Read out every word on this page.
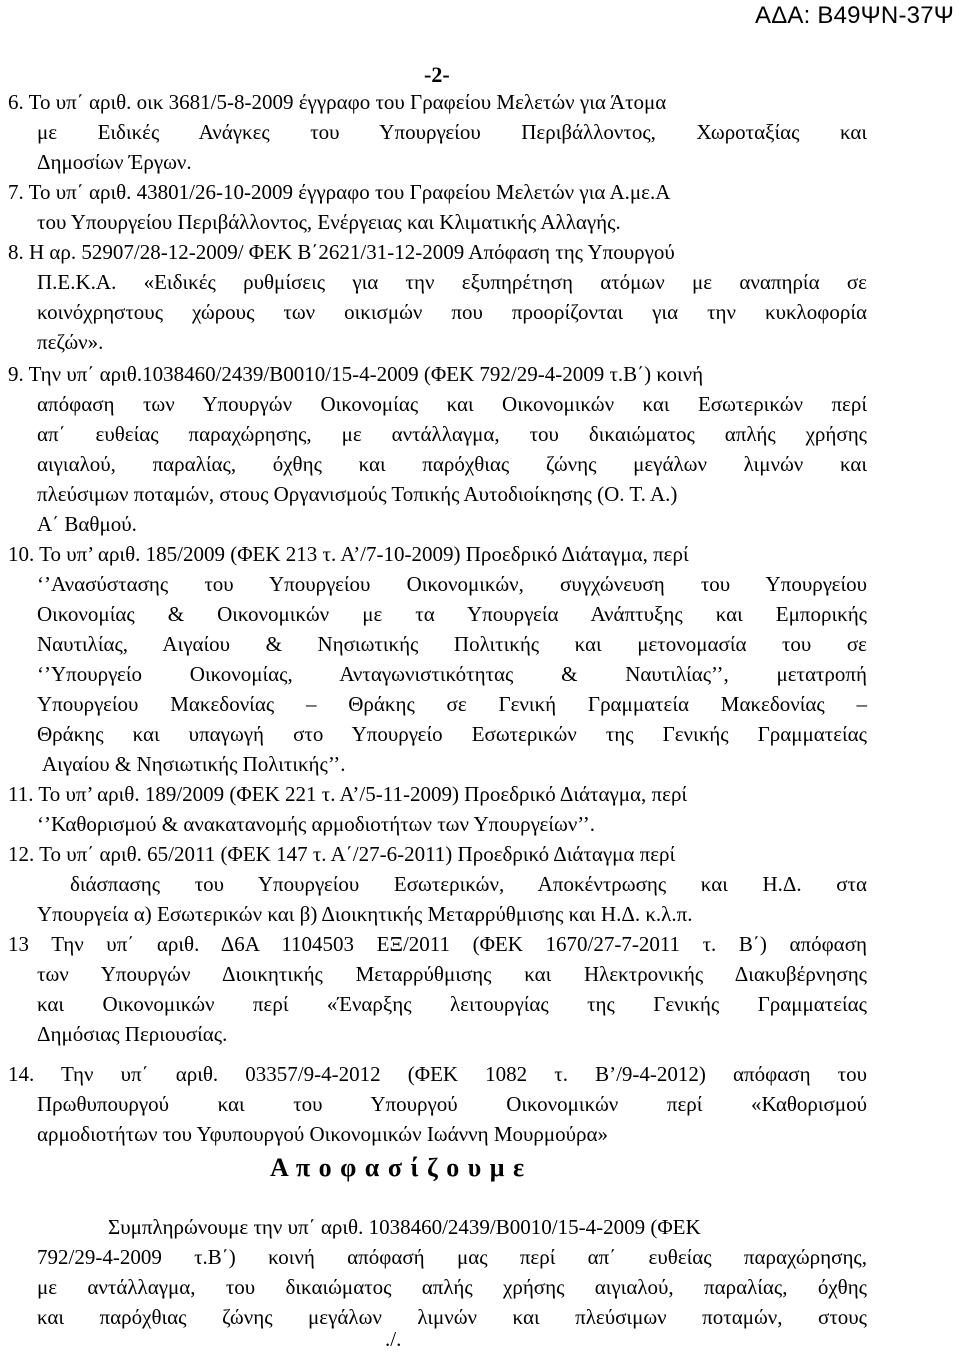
ΑΔΑ: Β49ΨΝ-37Ψ
-2-
6. Το υπ΄ αριθ. οικ 3681/5-8-2009 έγγραφο του Γραφείου Μελετών για Άτομα
με Ειδικές Ανάγκες του Υπουργείου Περιβάλλοντος, Χωροταξίας και
Δημοσίων Έργων.
7. Το υπ΄ αριθ. 43801/26-10-2009 έγγραφο του Γραφείου Μελετών για Α.με.Α
του Υπουργείου Περιβάλλοντος, Ενέργειας και Κλιματικής Αλλαγής.
8. Η αρ. 52907/28-12-2009/ ΦΕΚ Β΄2621/31-12-2009 Απόφαση της Υπουργού
Π.Ε.Κ.Α. «Ειδικές ρυθμίσεις για την εξυπηρέτηση ατόμων με αναπηρία σε
κοινόχρηστους χώρους των οικισμών που προορίζονται για την κυκλοφορία
πεζών».
9. Την υπ΄ αριθ.1038460/2439/Β0010/15-4-2009 (ΦΕΚ 792/29-4-2009 τ.Β΄) κοινή
απόφαση των Υπουργών Οικονομίας και Οικονομικών και Εσωτερικών περί
απ΄ ευθείας παραχώρησης, με αντάλλαγμα, του δικαιώματος απλής χρήσης
αιγιαλού, παραλίας, όχθης και παρόχθιας ζώνης μεγάλων λιμνών και
πλεύσιμων ποταμών, στους Οργανισμούς Τοπικής Αυτοδιοίκησης (Ο. Τ. Α.)
Α΄ Βαθμού.
10. Το υπ’ αριθ. 185/2009 (ΦΕΚ 213 τ. Α’/7-10-2009) Προεδρικό Διάταγμα, περί
‘’Ανασύστασης του Υπουργείου Οικονομικών, συγχώνευση του Υπουργείου
Οικονομίας & Οικονομικών με τα Υπουργεία Ανάπτυξης και Εμπορικής
Ναυτιλίας, Αιγαίου & Νησιωτικής Πολιτικής και μετονομασία του σε
‘’Υπουργείο Οικονομίας, Ανταγωνιστικότητας & Ναυτιλίας’’, μετατροπή
Υπουργείου Μακεδονίας – Θράκης σε Γενική Γραμματεία Μακεδονίας –
Θράκης και υπαγωγή στο Υπουργείο Εσωτερικών της Γενικής Γραμματείας
Αιγαίου & Νησιωτικής Πολιτικής’’.
11. Το υπ’ αριθ. 189/2009 (ΦΕΚ 221 τ. Α’/5-11-2009) Προεδρικό Διάταγμα, περί
‘’Καθορισμού & ανακατανομής αρμοδιοτήτων των Υπουργείων’’.
12. Το υπ΄ αριθ. 65/2011 (ΦΕΚ 147 τ. Α΄/27-6-2011) Προεδρικό Διάταγμα περί
διάσπασης του Υπουργείου Εσωτερικών, Αποκέντρωσης και Η.Δ. στα
Υπουργεία α) Εσωτερικών και β) Διοικητικής Μεταρρύθμισης και Η.Δ. κ.λ.π.
13 Την υπ΄ αριθ. Δ6Α 1104503 ΕΞ/2011 (ΦΕΚ 1670/27-7-2011 τ. Β΄) απόφαση
των Υπουργών Διοικητικής Μεταρρύθμισης και Ηλεκτρονικής Διακυβέρνησης
και Οικονομικών περί «Έναρξης λειτουργίας της Γενικής Γραμματείας
Δημόσιας Περιουσίας.
14. Την υπ΄ αριθ. 03357/9-4-2012 (ΦΕΚ 1082 τ. Β’/9-4-2012) απόφαση του
Πρωθυπουργού και του Υπουργού Οικονομικών περί «Καθορισμού
αρμοδιοτήτων του Υφυπουργού Οικονομικών Ιωάννη Μουρμούρα»
Α π ο φ α σ ί ζ ο υ μ ε
Συμπληρώνουμε την υπ΄ αριθ. 1038460/2439/Β0010/15-4-2009 (ΦΕΚ
792/29-4-2009 τ.Β΄) κοινή απόφασή μας περί απ΄ ευθείας παραχώρησης,
με αντάλλαγμα, του δικαιώματος απλής χρήσης αιγιαλού, παραλίας, όχθης
και παρόχθιας ζώνης μεγάλων λιμνών και πλεύσιμων ποταμών, στους
./.
